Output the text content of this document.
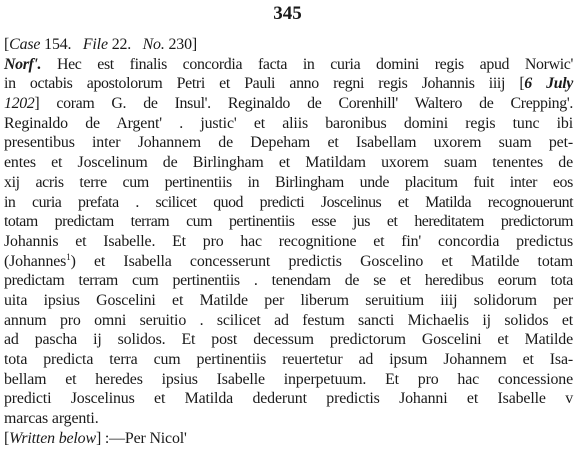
345
[Case 154. File 22. No. 230]
Norf'. Hec est finalis concordia facta in curia domini regis apud Norwic'
in octabis apostolorum Petri et Pauli anno regni regis Johannis iiij [6 July
1202] coram G. de Insul'. Reginaldo de Corenhill' Waltero de Crepping'.
Reginaldo de Argent' . justic' et aliis baronibus domini regis tunc ibi
presentibus inter Johannem de Depeham et Isabellam uxorem suam pet-
entes et Joscelinum de Birlingham et Matildam uxorem suam tenentes de
xij acris terre cum pertinentiis in Birlingham unde placitum fuit inter eos
in curia prefata . scilicet quod predicti Joscelinus et Matilda recognouerunt
totam predictam terram cum pertinentiis esse jus et hereditatem predictorum
Johannis et Isabelle. Et pro hac recognitione et fin' concordia predictus
(Johannes$^1$) et Isabella concesserunt predictis Goscelino et Matilde totam
predictam terram cum pertinentiis . tenendam de se et heredibus eorum tota
uita ipsius Goscelini et Matilde per liberum seruitium iiij solidorum per
annum pro omni seruitio . scilicet ad festum sancti Michaelis ij solidos et
ad pascha ij solidos. Et post decessum predictorum Goscelini et Matilde
tota predicta terra cum pertinentiis reuertetur ad ipsum Johannem et Isa-
bellam et heredes ipsius Isabelle inperpetuum. Et pro hac concessione
predicti Joscelinus et Matilda dederunt predictis Johanni et Isabelle v
marcas argenti.
[Written below] :—Per Nicol'
